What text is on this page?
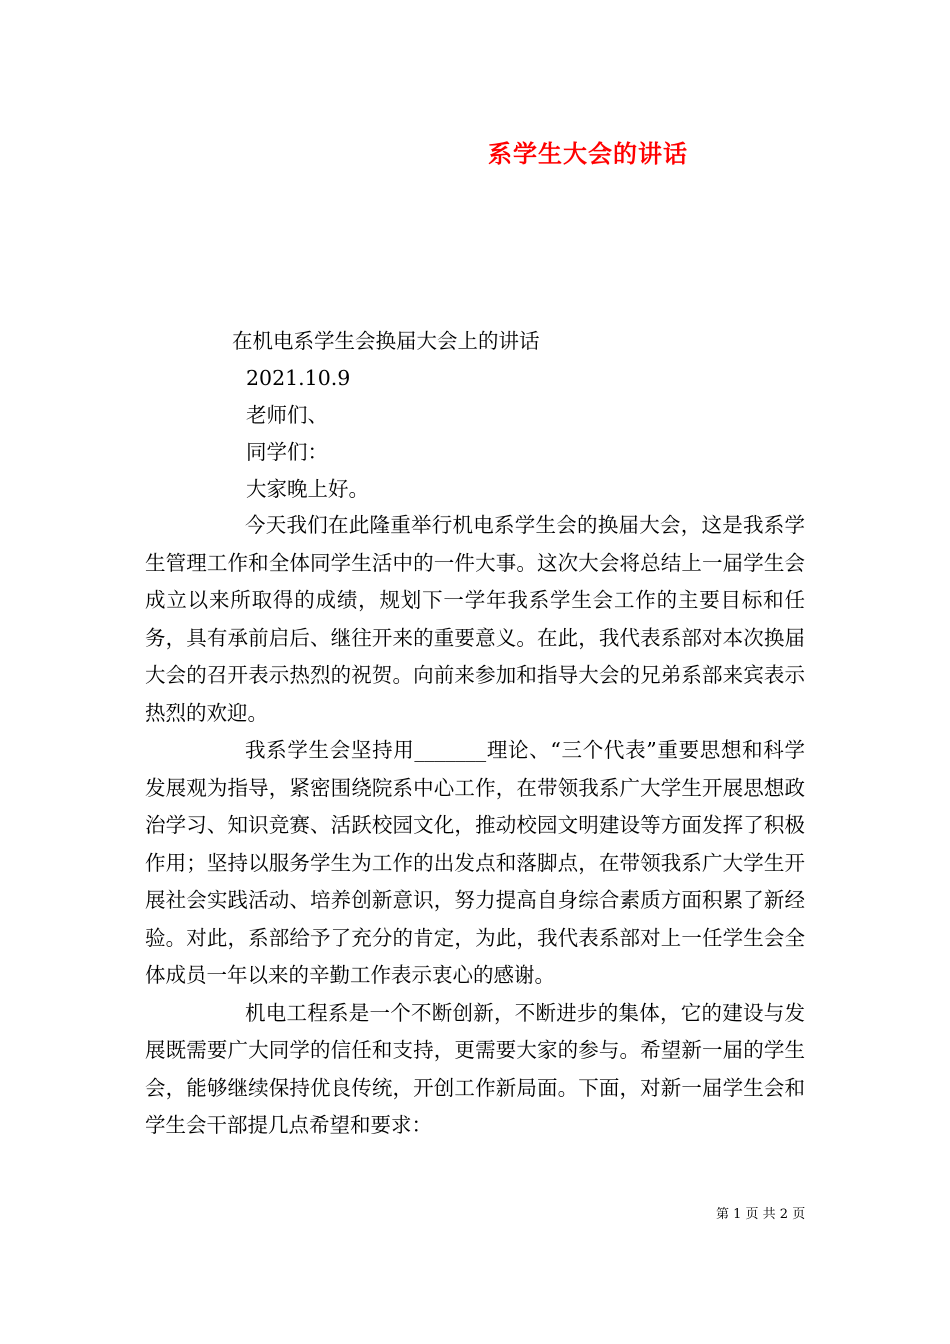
系学生大会的讲话
在机电系学生会换届大会上的讲话
2021.10.9
老师们、
同学们：
大家晚上好。

今天我们在此隆重举行机电系学生会的换届大会，这是我系学生管理工作和全体同学生活中的一件大事。这次大会将总结上一届学生会成立以来所取得的成绩，规划下一学年我系学生会工作的主要目标和任务，具有承前启后、继往开来的重要意义。在此，我代表系部对本次换届大会的召开表示热烈的祝贺。向前来参加和指导大会的兄弟系部来宾表示热烈的欢迎。

我系学生会坚持用_______理论、“三个代表”重要思想和科学发展观为指导，紧密围绕院系中心工作，在带领我系广大学生开展思想政治学习、知识竞赛、活跃校园文化，推动校园文明建设等方面发挥了积极作用；坚持以服务学生为工作的出发点和落脚点，在带领我系广大学生开展社会实践活动、培养创新意识，努力提高自身综合素质方面积累了新经验。对此，系部给予了充分的肯定，为此，我代表系部对上一任学生会全体成员一年以来的辛勤工作表示衷心的感谢。

机电工程系是一个不断创新，不断进步的集体，它的建设与发展既需要广大同学的信任和支持，更需要大家的参与。希望新一届的学生会，能够继续保持优良传统，开创工作新局面。下面，对新一届学生会和学生会干部提几点希望和要求：

第 1 页 共 2 页
